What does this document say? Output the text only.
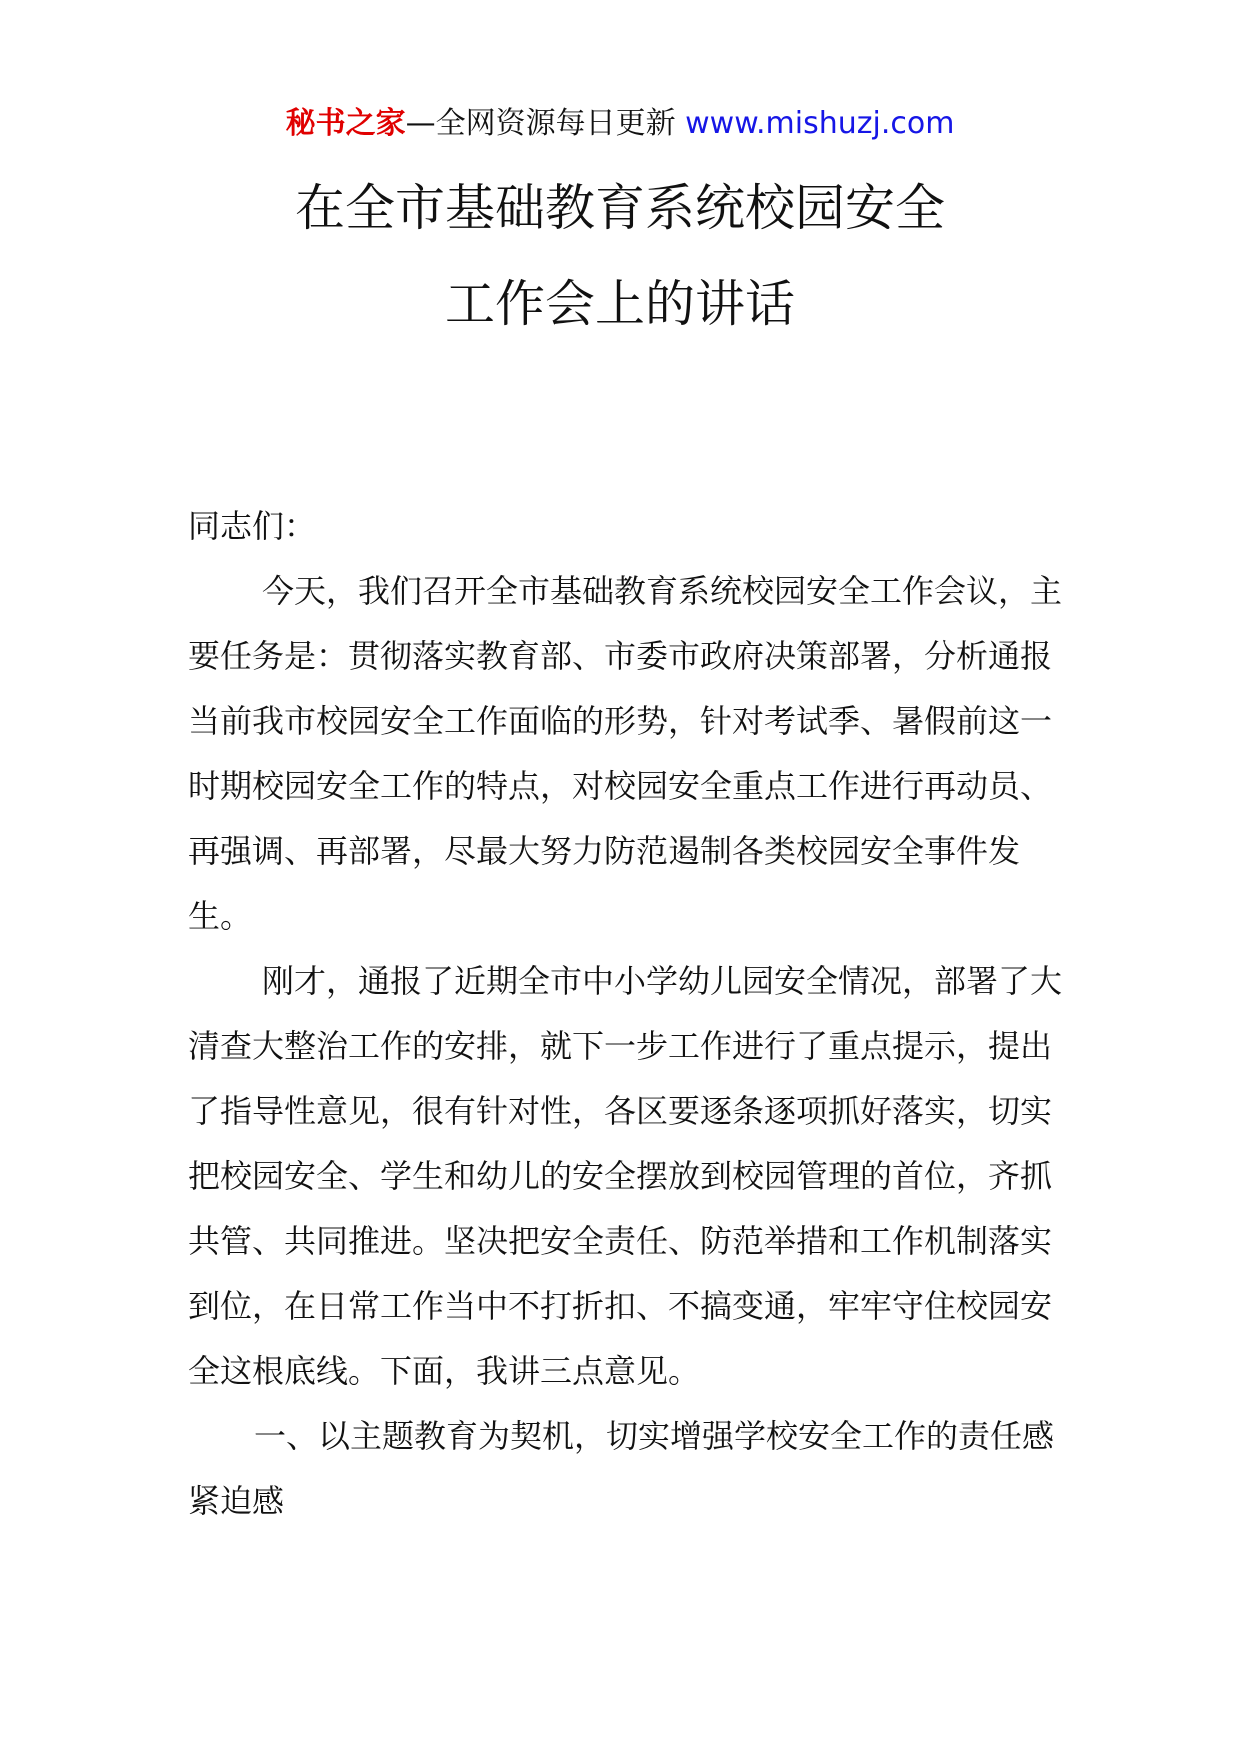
秘书之家—全网资源每日更新 www.mishuzj.com
在全市基础教育系统校园安全
工作会上的讲话

同志们：

今天，我们召开全市基础教育系统校园安全工作会议，主要任务是：贯彻落实教育部、市委市政府决策部署，分析通报当前我市校园安全工作面临的形势，针对考试季、暑假前这一时期校园安全工作的特点，对校园安全重点工作进行再动员、再强调、再部署，尽最大努力防范遏制各类校园安全事件发生。

刚才，通报了近期全市中小学幼儿园安全情况，部署了大清查大整治工作的安排，就下一步工作进行了重点提示，提出了指导性意见，很有针对性，各区要逐条逐项抓好落实，切实把校园安全、学生和幼儿的安全摆放到校园管理的首位，齐抓共管、共同推进。坚决把安全责任、防范举措和工作机制落实到位，在日常工作当中不打折扣、不搞变通，牢牢守住校园安全这根底线。下面，我讲三点意见。

一、以主题教育为契机，切实增强学校安全工作的责任感紧迫感
